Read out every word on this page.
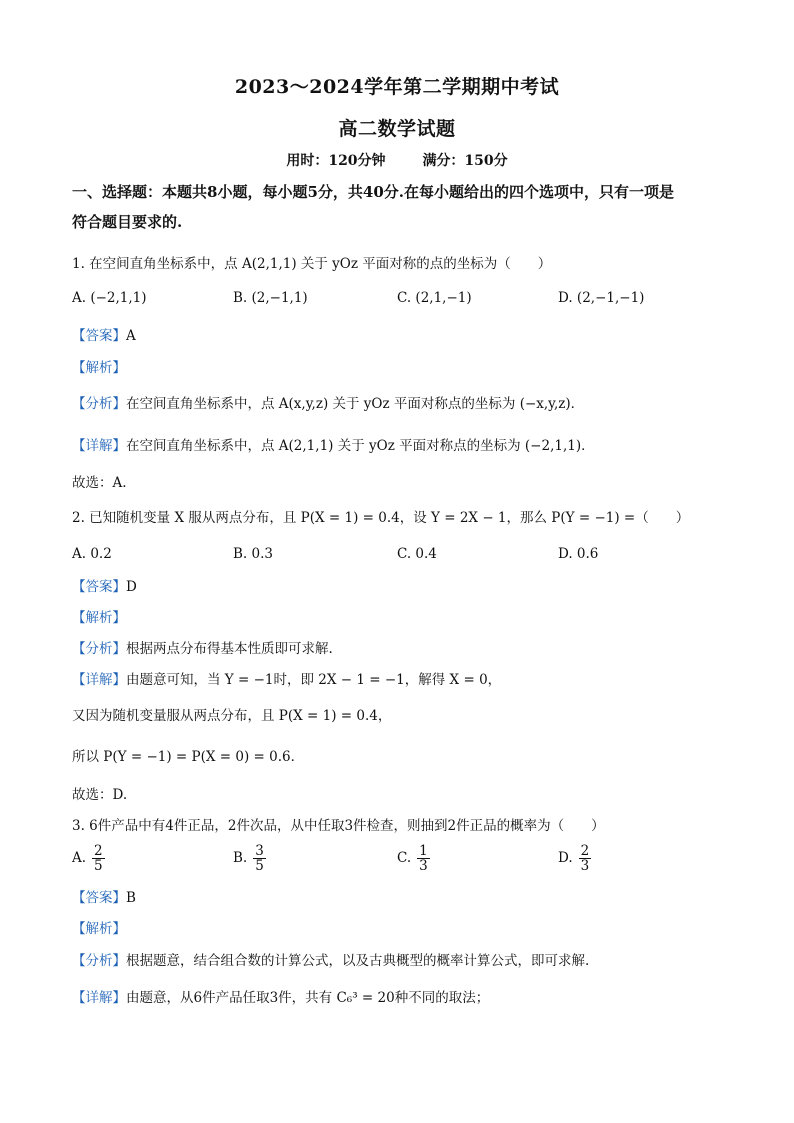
2023～2024学年第二学期期中考试
高二数学试题
用时：120分钟	满分：150分
一、选择题：本题共8小题，每小题5分，共40分.在每小题给出的四个选项中，只有一项是
符合题目要求的.
1. 在空间直角坐标系中，点 A(2,1,1) 关于 yOz 平面对称的点的坐标为（　　）
A. (−2,1,1)	B. (2,−1,1)	C. (2,1,−1)	D. (2,−1,−1)
【答案】A
【解析】
【分析】在空间直角坐标系中，点 A(x,y,z) 关于 yOz 平面对称点的坐标为 (−x,y,z)．
【详解】在空间直角坐标系中，点 A(2,1,1) 关于 yOz 平面对称点的坐标为 (−2,1,1)．
故选：A.
2. 已知随机变量 X 服从两点分布，且 P(X = 1) = 0.4，设 Y = 2X − 1，那么 P(Y = −1) =（　　）
A. 0.2	B. 0.3	C. 0.4	D. 0.6
【答案】D
【解析】
【分析】根据两点分布得基本性质即可求解.
【详解】由题意可知，当 Y = −1时，即 2X − 1 = −1，解得 X = 0，
又因为随机变量服从两点分布，且 P(X = 1) = 0.4，
所以 P(Y = −1) = P(X = 0) = 0.6．
故选：D.
3. 6件产品中有4件正品，2件次品，从中任取3件检查，则抽到2件正品的概率为（　　）
A. $\frac{2}{5}$	B. $\frac{3}{5}$	C. $\frac{1}{3}$	D. $\frac{2}{3}$
【答案】B
【解析】
【分析】根据题意，结合组合数的计算公式，以及古典概型的概率计算公式，即可求解.
【详解】由题意，从6件产品任取3件，共有 C₆³ = 20种不同的取法；
